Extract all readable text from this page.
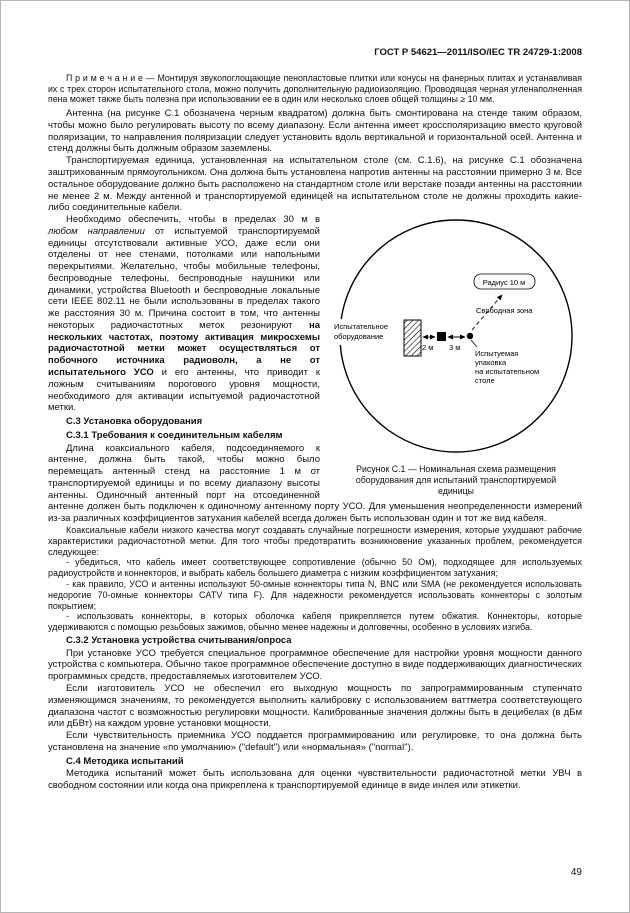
ГОСТ Р 54621—2011/ISO/IEC TR 24729-1:2008

П р и м е ч а н и е — Монтируя звукопоглощающие пенопластовые плитки или конусы на фанерных плитах и устанавливая их с трех сторон испытательного стола, можно получить дополнительную радиоизоляцию. Проводящая черная угленаполненная пена может также быть полезна при использовании ее в один или несколько слоев общей толщины ≥ 10 мм.

Антенна (на рисунке С.1 обозначена черным квадратом) должна быть смонтирована на стенде таким образом, чтобы можно было регулировать высоту по всему диапазону. Если антенна имеет кроссполяризацию вместо круговой поляризации, то направления поляризации следует установить вдоль вертикальной и горизонтальной осей. Антенна и стенд должны быть должным образом заземлены.

Транспортируемая единица, установленная на испытательном столе (см. С.1.6), на рисунке С.1 обозначена заштрихованным прямоугольником. Она должна быть установлена напротив антенны на расстоянии примерно 3 м. Все остальное оборудование должно быть расположено на стандартном столе или верстаке позади антенны на расстоянии не менее 2 м. Между антенной и транспортируемой единицей на испытательном столе не должны проходить какие-либо соединительные кабели.

Радиус 10 м
Свободная зона
Испытательное
оборудование
2 м 3 м
Испытуемая
упаковка
на испытательном
столе
Рисунок С.1 — Номинальная схема размещения оборудования для испытаний транспортируемой единицы

Необходимо обеспечить, чтобы в пределах 30 м в любом направлении от испытуемой транспортируемой единицы отсутствовали активные УСО, даже если они отделены от нее стенами, потолками или напольными перекрытиями. Желательно, чтобы мобильные телефоны, беспроводные телефоны, беспроводные наушники или динамики, устройства Bluetooth и беспроводные локальные сети IEEE 802.11 не были использованы в пределах такого же расстояния 30 м. Причина состоит в том, что антенны некоторых радиочастотных меток резонируют на нескольких частотах, поэтому активация микросхемы радиочастотной метки может осуществляться от побочного источника радиоволн, а не от испытательного УСО и его антенны, что приводит к ложным считываниям порогового уровня мощности, необходимого для активации испытуемой радиочастотной метки.

С.3 Установка оборудования

С.3.1 Требования к соединительным кабелям

Длина коаксиального кабеля, подсоединяемого к антенне, должна быть такой, чтобы можно было перемещать антенный стенд на расстояние 1 м от транспортируемой единицы и по всему диапазону высоты антенны. Одиночный антенный порт на отсоединенной антенне должен быть подключен к одиночному антенному порту УСО. Для уменьшения неопределенности измерений из-за различных коэффициентов затухания кабелей всегда должен быть использован один и тот же вид кабеля.

Коаксиальные кабели низкого качества могут создавать случайные погрешности измерения, которые ухудшают рабочие характеристики радиочастотной метки. Для того чтобы предотвратить возникновение указанных проблем, рекомендуется следующее:

- убедиться, что кабель имеет соответствующее сопротивление (обычно 50 Ом), подходящее для используемых радиоустройств и коннекторов, и выбрать кабель большего диаметра с низким коэффициентом затухания;

- как правило, УСО и антенны используют 50-омные коннекторы типа N, BNC или SMA (не рекомендуется использовать недорогие 70-омные коннекторы CATV типа F). Для надежности рекомендуется использовать коннекторы с золотым покрытием;

- использовать коннекторы, в которых оболочка кабеля прикрепляется путем обжатия. Коннекторы, которые удерживаются с помощью резьбовых зажимов, обычно менее надежны и долговечны, особенно в условиях изгиба.

С.3.2 Установка устройства считывания/опроса

При установке УСО требуется специальное программное обеспечение для настройки уровня мощности данного устройства с компьютера. Обычно такое программное обеспечение доступно в виде поддерживающих диагностических программных средств, предоставляемых изготовителем УСО.

Если изготовитель УСО не обеспечил его выходную мощность по запрограммированным ступенчато изменяющимся значениям, то рекомендуется выполнить калибровку с использованием ваттметра соответствующего диапазона частот с возможностью регулировки мощности. Калиброванные значения должны быть в децибелах (в дБм или дБВт) на каждом уровне установки мощности.

Если чувствительность приемника УСО поддается программированию или регулировке, то она должна быть установлена на значение «по умолчанию» ("default") или «нормальная» ("normal").

С.4 Методика испытаний

Методика испытаний может быть использована для оценки чувствительности радиочастотной метки УВЧ в свободном состоянии или когда она прикреплена к транспортируемой единице в виде инлея или этикетки.

49
